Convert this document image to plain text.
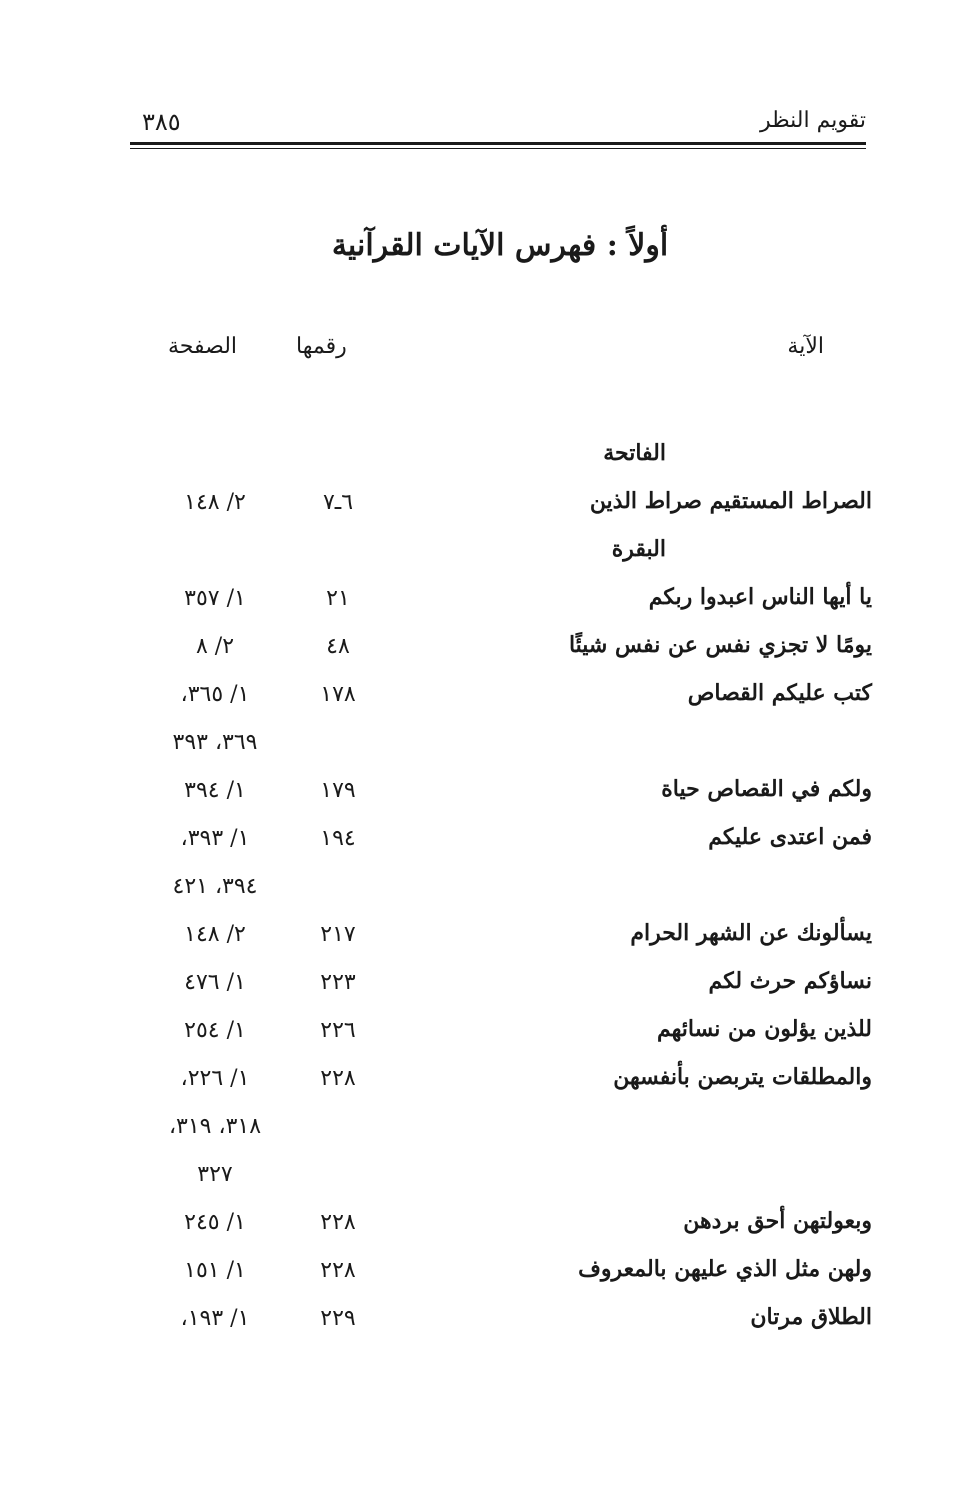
تقويم النظر
٣٨٥
أولاً : فهرس الآيات القرآنية
الآية
رقمها
الصفحة
الفاتحة
الصراط المستقيم صراط الذين
٦ـ٧
٢/ ١٤٨
البقرة
يا أيها الناس اعبدوا ربكم
٢١
١/ ٣٥٧
يومًا لا تجزي نفس عن نفس شيئًا
٤٨
٢/ ٨
كتب عليكم القصاص
١٧٨
١/ ٣٦٥،
٣٦٩، ٣٩٣
ولكم في القصاص حياة
١٧٩
١/ ٣٩٤
فمن اعتدى عليكم
١٩٤
١/ ٣٩٣،
٣٩٤، ٤٢١
يسألونك عن الشهر الحرام
٢١٧
٢/ ١٤٨
نساؤكم حرث لكم
٢٢٣
١/ ٤٧٦
للذين يؤلون من نسائهم
٢٢٦
١/ ٢٥٤
والمطلقات يتربصن بأنفسهن
٢٢٨
١/ ٢٢٦،
٣١٨، ٣١٩،
٣٢٧
وبعولتهن أحق بردهن
٢٢٨
١/ ٢٤٥
ولهن مثل الذي عليهن بالمعروف
٢٢٨
١/ ١٥١
الطلاق مرتان
٢٢٩
١/ ١٩٣،
